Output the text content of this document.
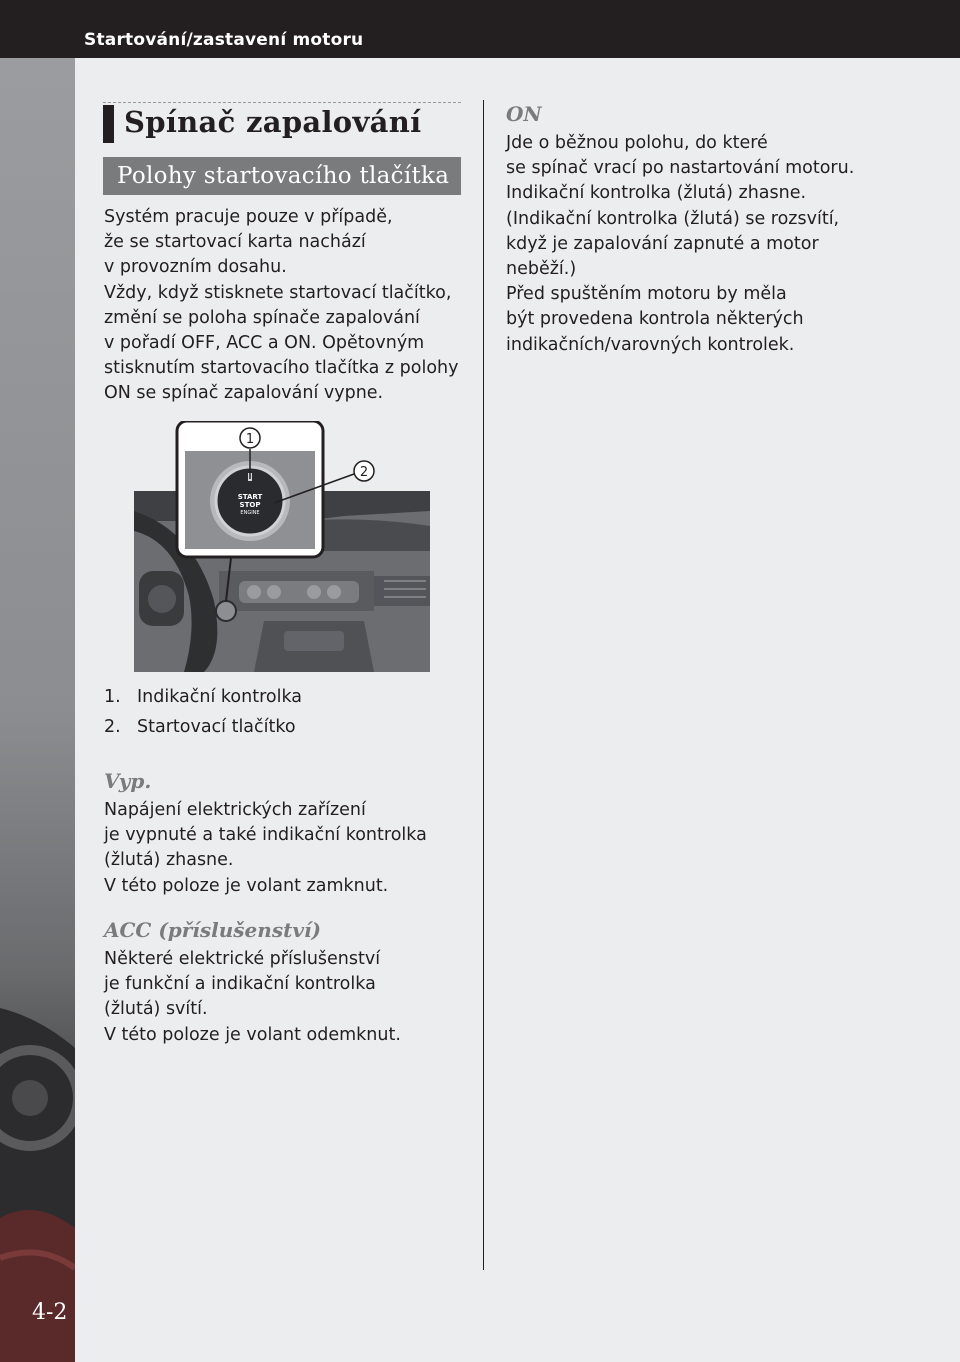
Startování/zastavení motoru
4-2
Spínač zapalování
Polohy startovacího tlačítka
Systém pracuje pouze v případě,
že se startovací karta nachází
v provozním dosahu.
Vždy, když stisknete startovací tlačítko,
změní se poloha spínače zapalování
v pořadí OFF, ACC a ON. Opětovným
stisknutím startovacího tlačítka z polohy
ON se spínač zapalování vypne.
START
STOP
ENGINE
1
2
1. Indikační kontrolka
2. Startovací tlačítko
Vyp.
Napájení elektrických zařízení
je vypnuté a také indikační kontrolka
(žlutá) zhasne.
V této poloze je volant zamknut.
ACC (příslušenství)
Některé elektrické příslušenství
je funkční a indikační kontrolka
(žlutá) svítí.
V této poloze je volant odemknut.
ON
Jde o běžnou polohu, do které
se spínač vrací po nastartování motoru.
Indikační kontrolka (žlutá) zhasne.
(Indikační kontrolka (žlutá) se rozsvítí,
když je zapalování zapnuté a motor
neběží.)
Před spuštěním motoru by měla
být provedena kontrola některých
indikačních/varovných kontrolek.
